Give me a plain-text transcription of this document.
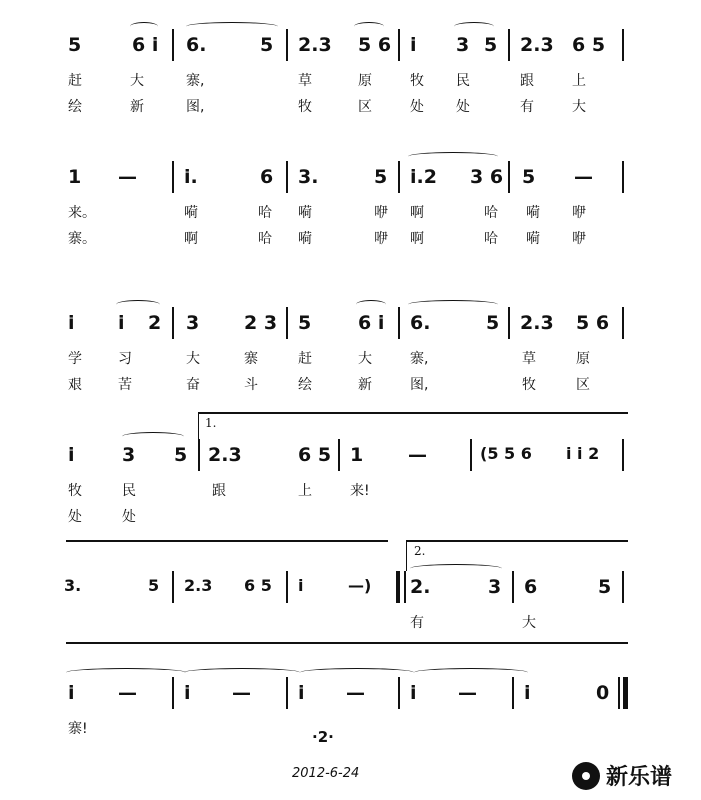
5	6 i 6.	5 2.3 5 6 i 3 5 2.3 6 5
赶	大	寨,	草	原	牧 民	跟	上
绘	新	图,	牧	区	处 处	有	大
1 — i.	6 3.	5 i.2 3 6 5 —
来。	嗬	哈 嗬	咿 啊	哈 嗬 咿
寨。	啊	哈 嗬	咿 啊	哈 嗬 咿
i i 2 3 2 3 5 6 i 6.	5 2.3 5 6
学	习	大	寨	赶	大	寨,	草	原
艰	苦	奋	斗	绘	新	图,	牧	区
1.
i 3 5 2.3	6 5 1 —	(5 5 6 i i 2
牧	民	跟	上	来!
处	处
2.
3.	5 2.3 6 5 i	—) 2.	3 6	5
有	大
i — i — i — i — i	0
寨!	·2·
2012-6-24	新乐谱
